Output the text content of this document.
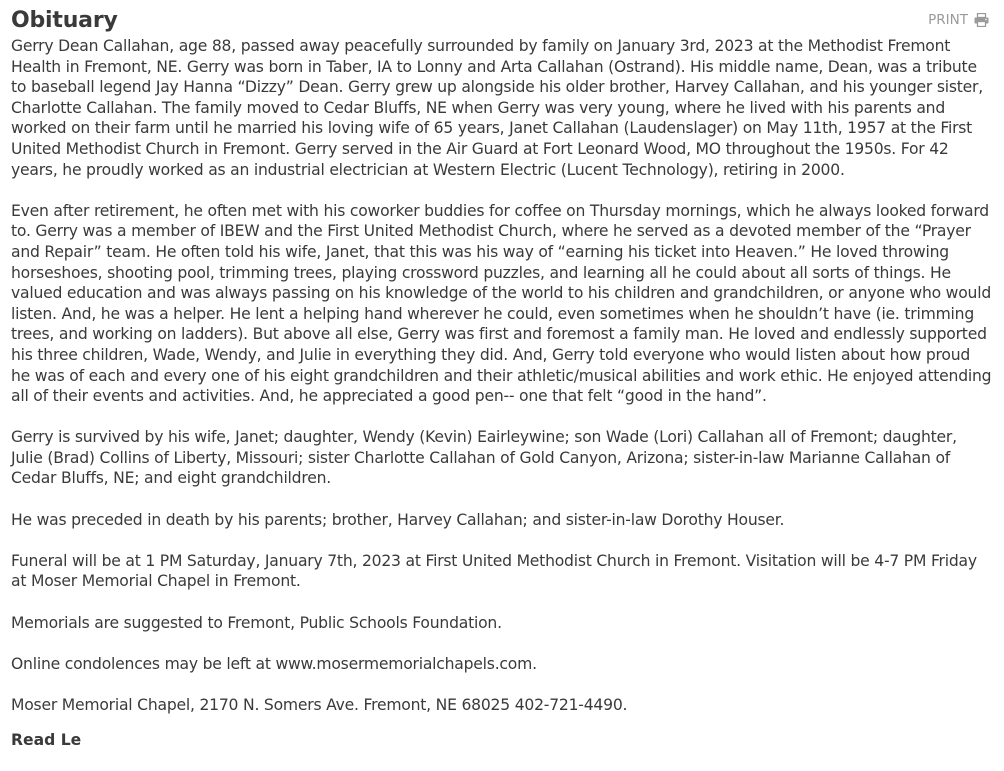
Obituary

Gerry Dean Callahan, age 88, passed away peacefully surrounded by family on January 3rd, 2023 at the Methodist Fremont Health in Fremont, NE. Gerry was born in Taber, IA to Lonny and Arta Callahan (Ostrand). His middle name, Dean, was a tribute to baseball legend Jay Hanna “Dizzy” Dean. Gerry grew up alongside his older brother, Harvey Callahan, and his younger sister, Charlotte Callahan. The family moved to Cedar Bluffs, NE when Gerry was very young, where he lived with his parents and worked on their farm until he married his loving wife of 65 years, Janet Callahan (Laudenslager) on May 11th, 1957 at the First United Methodist Church in Fremont. Gerry served in the Air Guard at Fort Leonard Wood, MO throughout the 1950s. For 42 years, he proudly worked as an industrial electrician at Western Electric (Lucent Technology), retiring in 2000.

Even after retirement, he often met with his coworker buddies for coffee on Thursday mornings, which he always looked forward to. Gerry was a member of IBEW and the First United Methodist Church, where he served as a devoted member of the “Prayer and Repair” team. He often told his wife, Janet, that this was his way of “earning his ticket into Heaven.” He loved throwing horseshoes, shooting pool, trimming trees, playing crossword puzzles, and learning all he could about all sorts of things. He valued education and was always passing on his knowledge of the world to his children and grandchildren, or anyone who would listen. And, he was a helper. He lent a helping hand wherever he could, even sometimes when he shouldn’t have (ie. trimming trees, and working on ladders). But above all else, Gerry was first and foremost a family man. He loved and endlessly supported his three children, Wade, Wendy, and Julie in everything they did. And, Gerry told everyone who would listen about how proud he was of each and every one of his eight grandchildren and their athletic/musical abilities and work ethic. He enjoyed attending all of their events and activities. And, he appreciated a good pen-- one that felt “good in the hand”.

Gerry is survived by his wife, Janet; daughter, Wendy (Kevin) Eairleywine; son Wade (Lori) Callahan all of Fremont; daughter, Julie (Brad) Collins of Liberty, Missouri; sister Charlotte Callahan of Gold Canyon, Arizona; sister-in-law Marianne Callahan of Cedar Bluffs, NE; and eight grandchildren.

He was preceded in death by his parents; brother, Harvey Callahan; and sister-in-law Dorothy Houser.

Funeral will be at 1 PM Saturday, January 7th, 2023 at First United Methodist Church in Fremont. Visitation will be 4-7 PM Friday at Moser Memorial Chapel in Fremont.

Memorials are suggested to Fremont, Public Schools Foundation.

Online condolences may be left at www.mosermemorialchapels.com.

Moser Memorial Chapel, 2170 N. Somers Ave. Fremont, NE 68025 402-721-4490.

Read Le
PRINT
